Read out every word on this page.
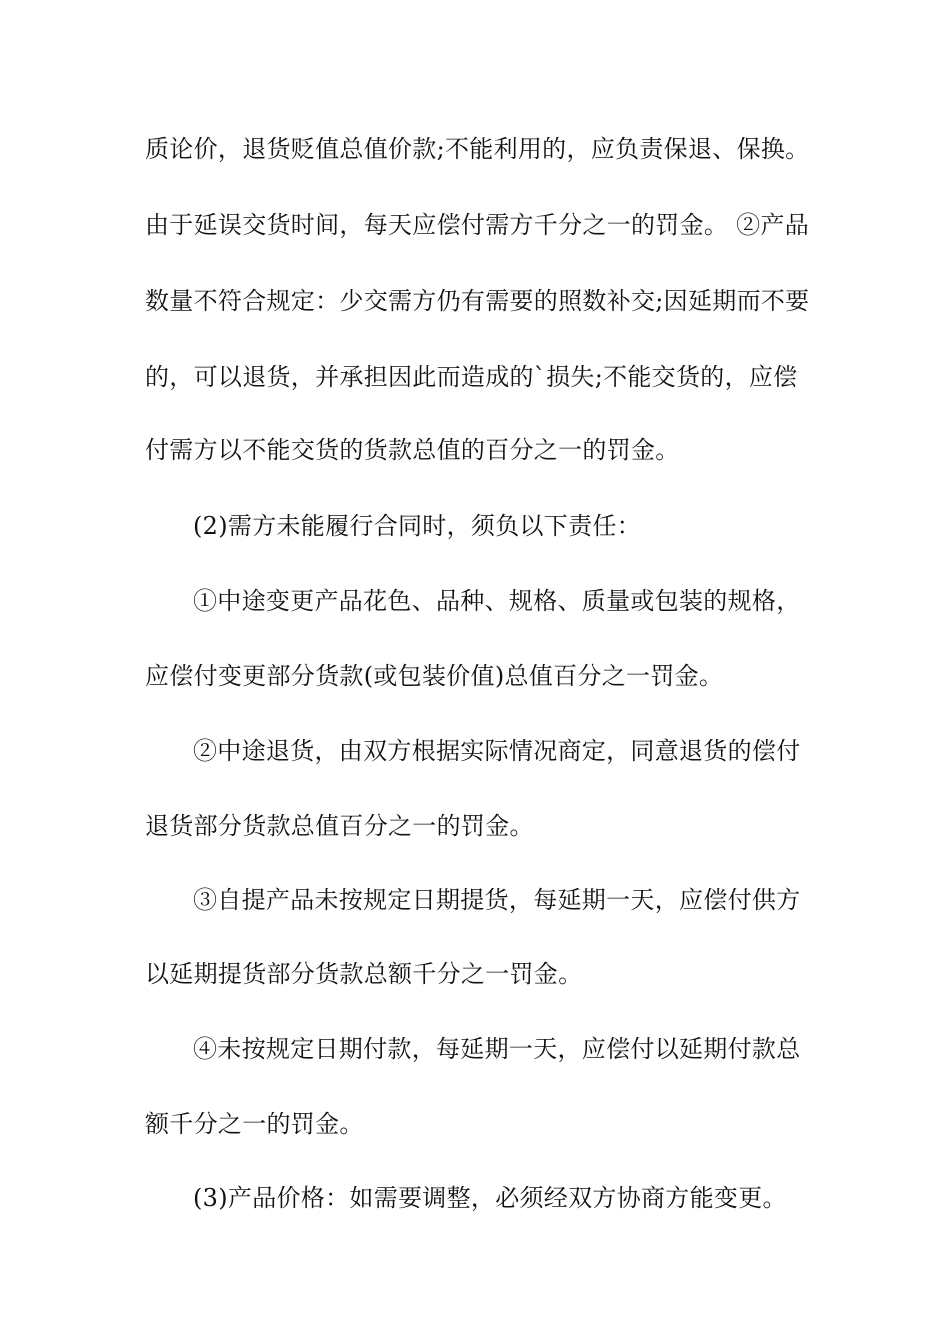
质论价，退货贬值总值价款;不能利用的，应负责保退、保换。
由于延误交货时间，每天应偿付需方千分之一的罚金。 ②产品
数量不符合规定：少交需方仍有需要的照数补交;因延期而不要
的，可以退货，并承担因此而造成的`损失;不能交货的，应偿
付需方以不能交货的货款总值的百分之一的罚金。
(2)需方未能履行合同时，须负以下责任：
①中途变更产品花色、品种、规格、质量或包装的规格，
应偿付变更部分货款(或包装价值)总值百分之一罚金。
②中途退货，由双方根据实际情况商定，同意退货的偿付
退货部分货款总值百分之一的罚金。
③自提产品未按规定日期提货，每延期一天，应偿付供方
以延期提货部分货款总额千分之一罚金。
④未按规定日期付款，每延期一天，应偿付以延期付款总
额千分之一的罚金。
(3)产品价格：如需要调整，必须经双方协商方能变更。
